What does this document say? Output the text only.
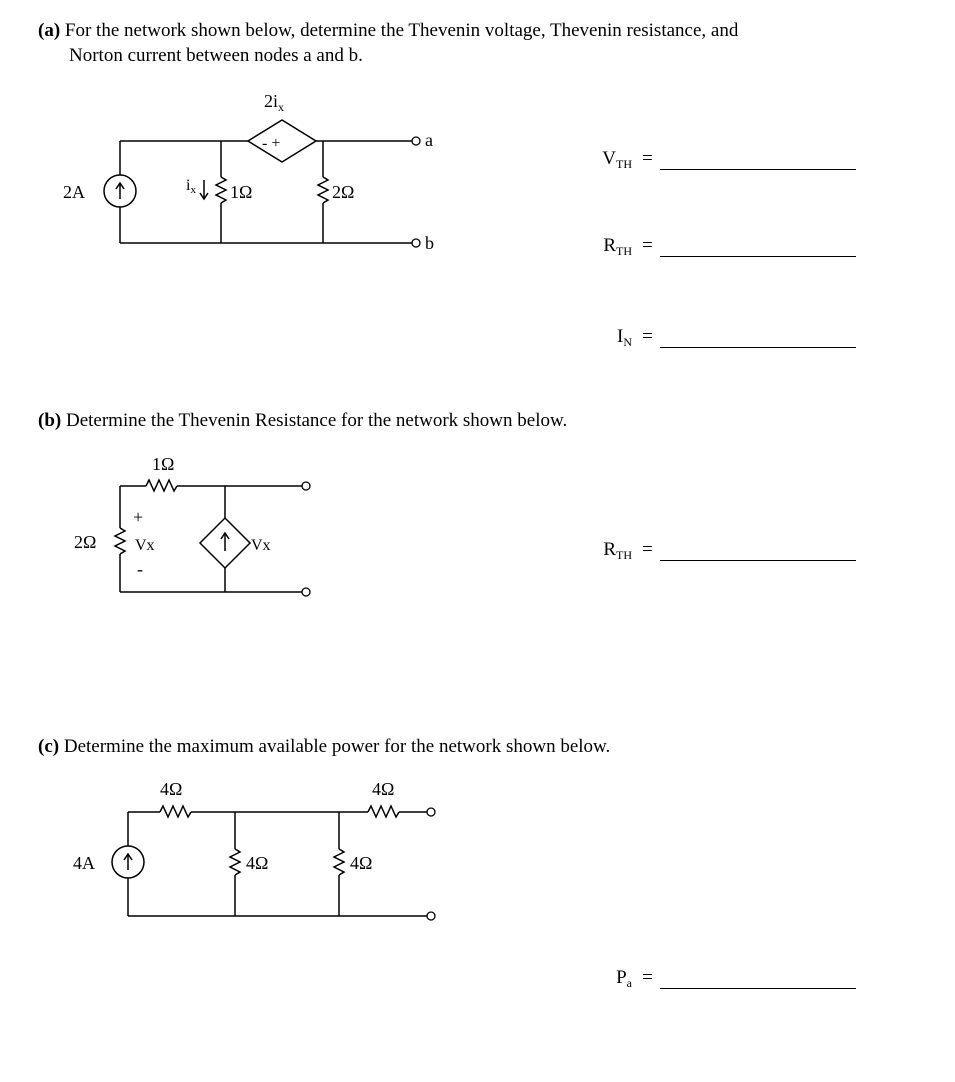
(a) For the network shown below, determine the Thevenin voltage, Thevenin resistance, and
Norton current between nodes a and b.
2A
$2i_x$
- +
ix 1Ω	2Ω
a
b
$V_{TH}$ =
$R_{TH}$ =
$I_N$ =
(b) Determine the Thevenin Resistance for the network shown below.
1Ω
2Ω
+
-
Vx	Vx	$R_{TH}$ =
(c) Determine the maximum available power for the network shown below.
4A
4Ω	4Ω
4Ω	4Ω
$P_a$ =
